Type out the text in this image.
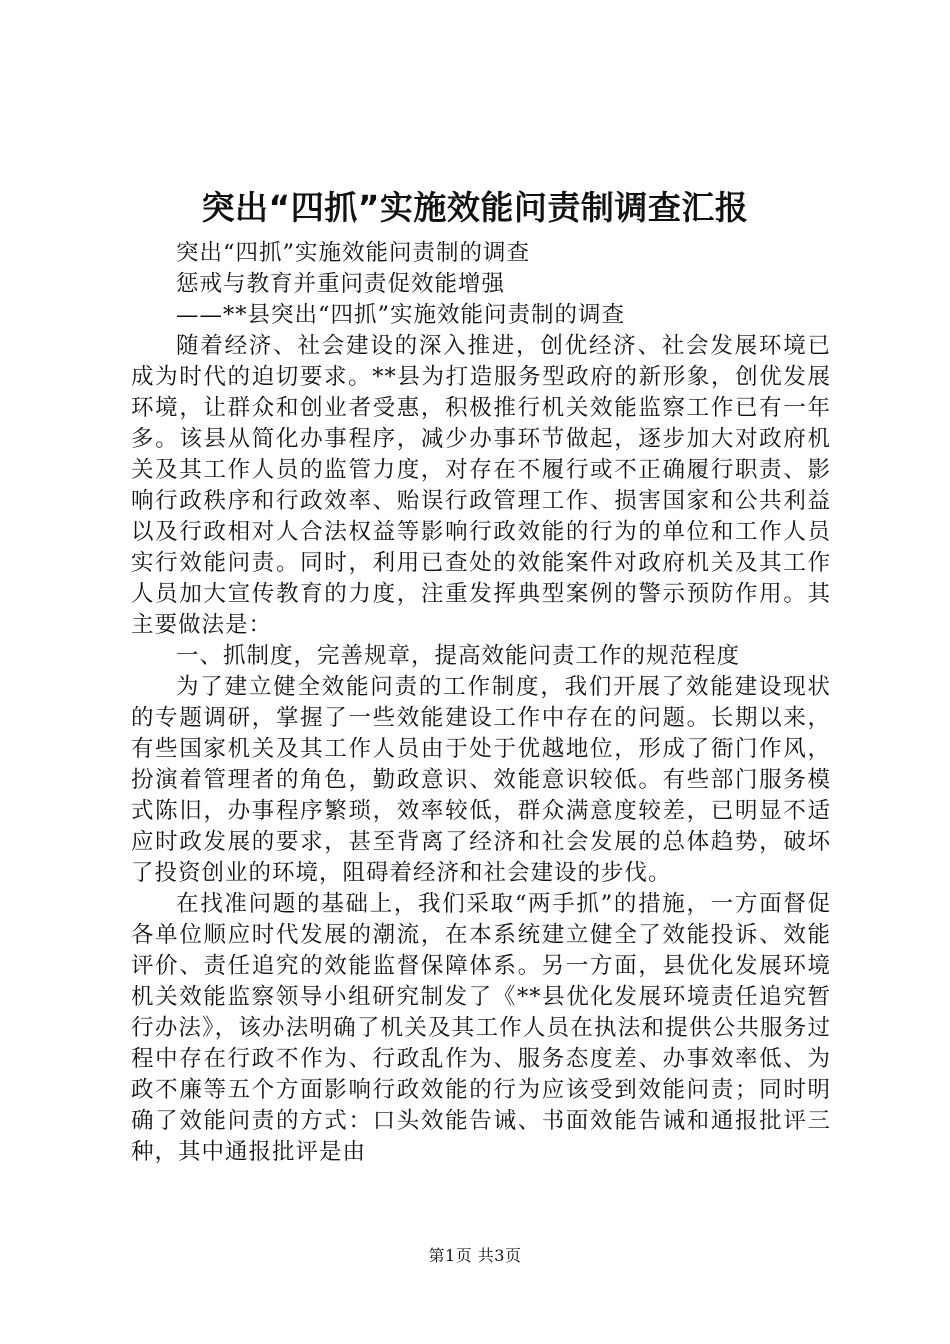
突出“四抓”实施效能问责制调查汇报

突出“四抓”实施效能问责制的调查

惩戒与教育并重问责促效能增强

——**县突出“四抓”实施效能问责制的调查

随着经济、社会建设的深入推进，创优经济、社会发展环境已成为时代的迫切要求。**县为打造服务型政府的新形象，创优发展环境，让群众和创业者受惠，积极推行机关效能监察工作已有一年多。该县从简化办事程序，减少办事环节做起，逐步加大对政府机关及其工作人员的监管力度，对存在不履行或不正确履行职责、影响行政秩序和行政效率、贻误行政管理工作、损害国家和公共利益以及行政相对人合法权益等影响行政效能的行为的单位和工作人员实行效能问责。同时，利用已查处的效能案件对政府机关及其工作人员加大宣传教育的力度，注重发挥典型案例的警示预防作用。其主要做法是：

一、抓制度，完善规章，提高效能问责工作的规范程度

为了建立健全效能问责的工作制度，我们开展了效能建设现状的专题调研，掌握了一些效能建设工作中存在的问题。长期以来，有些国家机关及其工作人员由于处于优越地位，形成了衙门作风，扮演着管理者的角色，勤政意识、效能意识较低。有些部门服务模式陈旧，办事程序繁琐，效率较低，群众满意度较差，已明显不适应时政发展的要求，甚至背离了经济和社会发展的总体趋势，破坏了投资创业的环境，阻碍着经济和社会建设的步伐。

在找准问题的基础上，我们采取“两手抓”的措施，一方面督促各单位顺应时代发展的潮流，在本系统建立健全了效能投诉、效能评价、责任追究的效能监督保障体系。另一方面，县优化发展环境机关效能监察领导小组研究制发了《**县优化发展环境责任追究暂行办法》，该办法明确了机关及其工作人员在执法和提供公共服务过程中存在行政不作为、行政乱作为、服务态度差、办事效率低、为政不廉等五个方面影响行政效能的行为应该受到效能问责；同时明确了效能问责的方式：口头效能告诫、书面效能告诫和通报批评三种，其中通报批评是由

第1页 共3页
